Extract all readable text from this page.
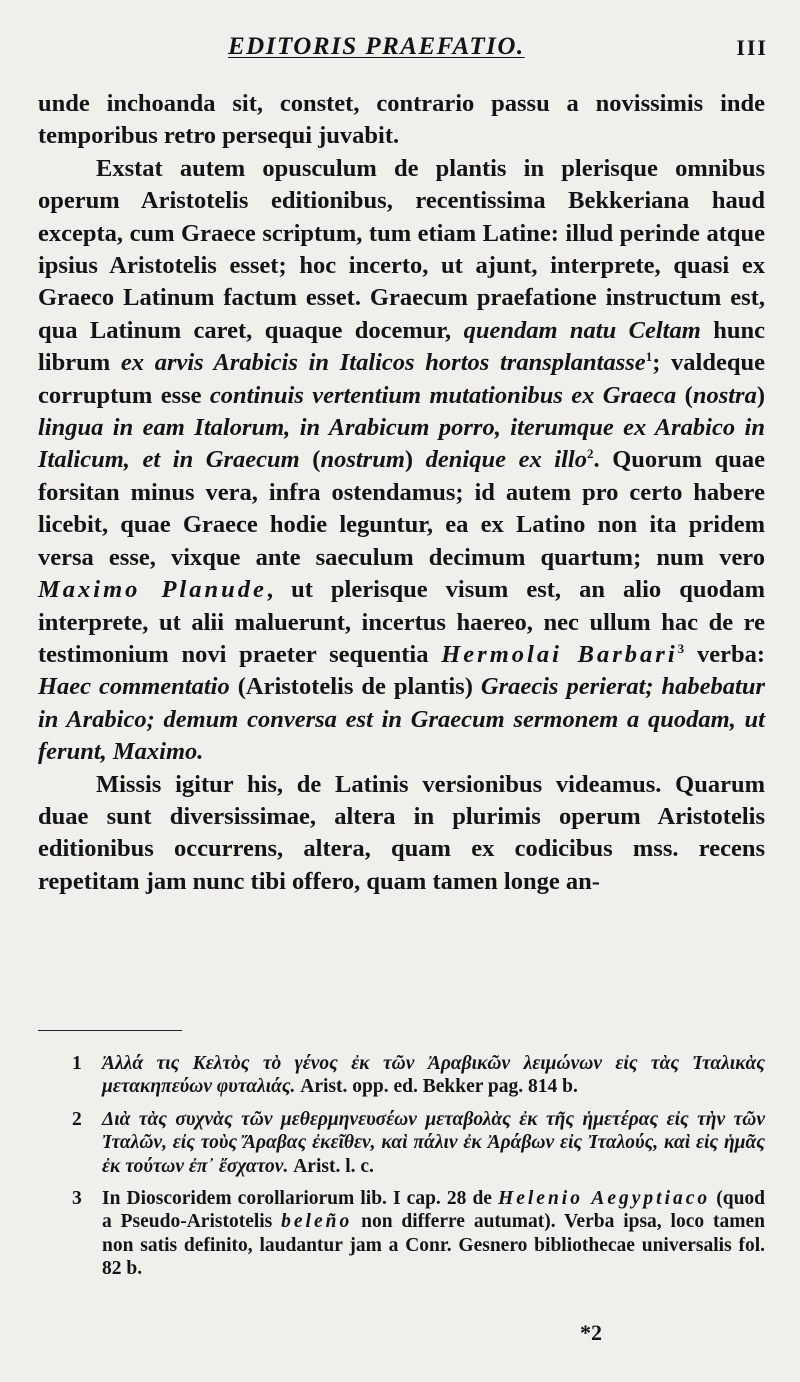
EDITORIS PRAEFATIO.	III

unde inchoanda sit, constet, contrario passu a novissimis inde temporibus retro persequi juvabit.

Exstat autem opusculum de plantis in plerisque omnibus operum Aristotelis editionibus, recentissima Bekkeriana haud excepta, cum Graece scriptum, tum etiam Latine: illud perinde atque ipsius Aristotelis esset; hoc incerto, ut ajunt, interprete, quasi ex Graeco Latinum factum esset. Graecum praefatione instructum est, qua Latinum caret, quaque docemur, quendam natu Celtam hunc librum ex arvis Arabicis in Italicos hortos transplantasse$^1$; valdeque corruptum esse continuis vertentium mutationibus ex Graeca (nostra) lingua in eam Italorum, in Arabicum porro, iterumque ex Arabico in Italicum, et in Graecum (nostrum) denique ex illo$^2$. Quorum quae forsitan minus vera, infra ostendamus; id autem pro certo habere licebit, quae Graece hodie leguntur, ea ex Latino non ita pridem versa esse, vixque ante saeculum decimum quartum; num vero Maximo Planude, ut plerisque visum est, an alio quodam interprete, ut alii maluerunt, incertus haereo, nec ullum hac de re testimonium novi praeter sequentia Hermolai Barbari$^3$ verba: Haec commentatio (Aristotelis de plantis) Graecis perierat; habebatur in Arabico; demum conversa est in Graecum sermonem a quodam, ut ferunt, Maximo.

Missis igitur his, de Latinis versionibus videamus. Quarum duae sunt diversissimae, altera in plurimis operum Aristotelis editionibus occurrens, altera, quam ex codicibus mss. recens repetitam jam nunc tibi offero, quam tamen longe an-

1	Ἀλλά τις Κελτὸς τὸ γένος ἐκ τῶν Ἀραβικῶν λειμώνων εἰς τὰς Ἰταλικὰς μετακηπεύων φυταλιάς. Arist. opp. ed. Bekker pag. 814 b.
2	Διὰ τὰς συχνὰς τῶν μεθερμηνευσέων μεταβολὰς ἐκ τῆς ἡμετέρας εἰς τὴν τῶν Ἰταλῶν, εἰς τοὺς Ἄραβας ἐκεῖθεν, καὶ πάλιν ἐκ Ἀράβων εἰς Ἰταλούς, καὶ εἰς ἡμᾶς ἐκ τούτων ἐπ᾽ ἔσχατον. Arist. l. c.
3	In Dioscoridem corollariorum lib. I cap. 28 de Helenio Aegyptiaco (quod a Pseudo-Aristotelis beleño non differre autumat). Verba ipsa, loco tamen non satis definito, laudantur jam a Conr. Gesnero bibliothecae universalis fol. 82 b.
*2
